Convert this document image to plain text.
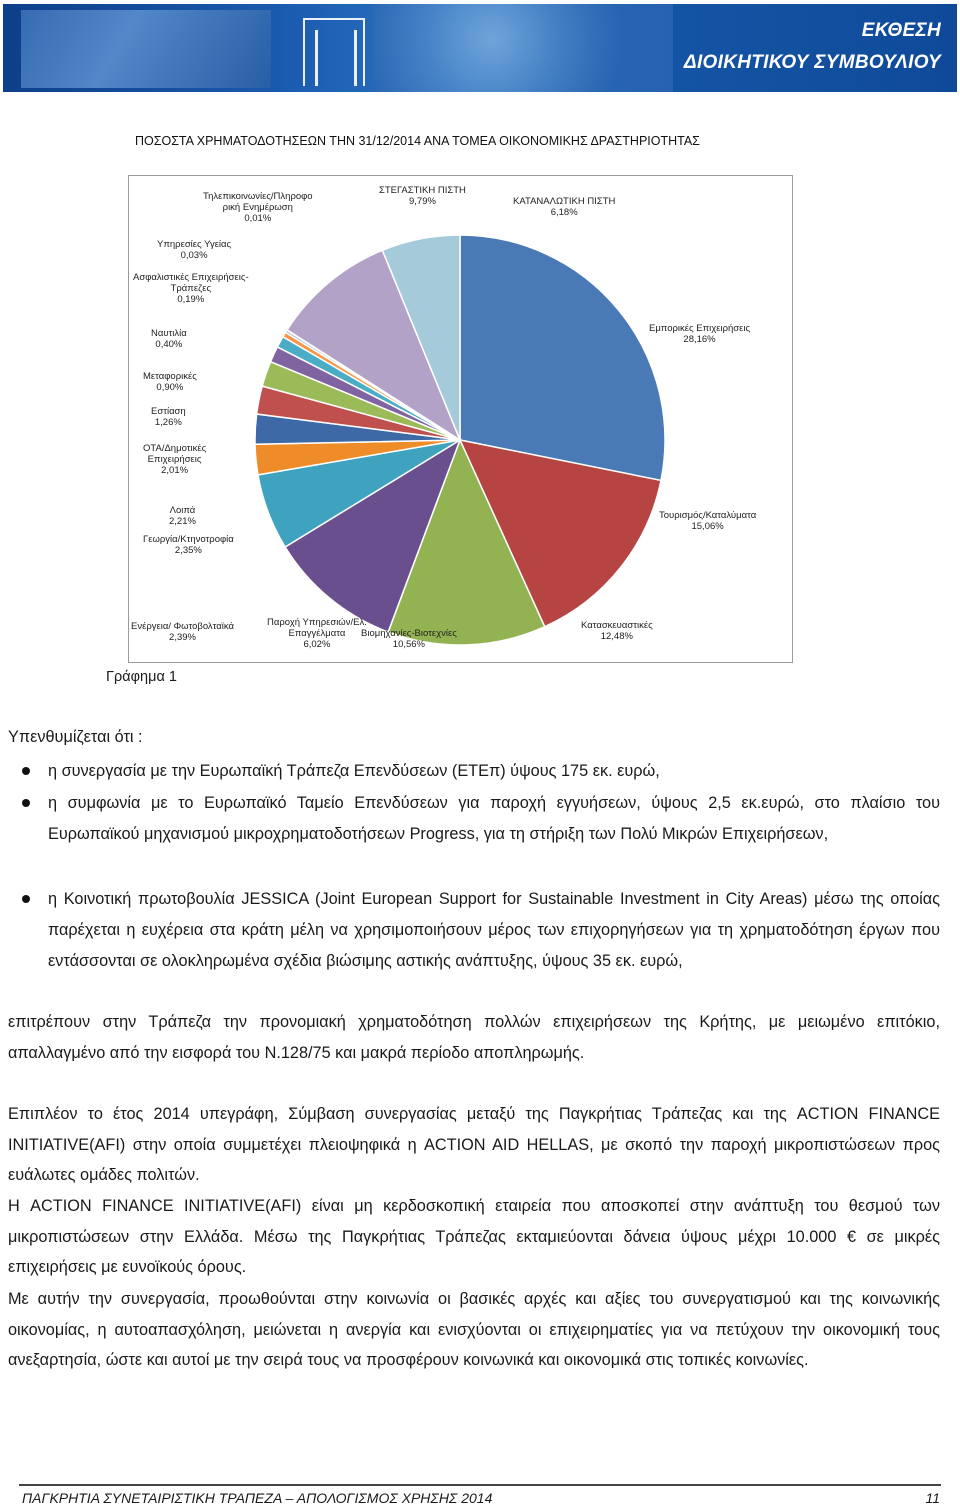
ΕΚΘΕΣΗ
ΔΙΟΙΚΗΤΙΚΟΥ ΣΥΜΒΟΥΛΙΟΥ
ΠΟΣΟΣΤΑ ΧΡΗΜΑΤΟΔΟΤΗΣΕΩΝ ΤΗΝ 31/12/2014 ΑΝΑ ΤΟΜΕΑ ΟΙΚΟΝΟΜΙΚΗΣ ΔΡΑΣΤΗΡΙΟΤΗΤΑΣ
Εμπορικές Επιχειρήσεις
28,16%
Τουρισμός/Καταλύματα
15,06%
Κατασκευαστικές
12,48%
Βιομηχανίες-Βιοτεχνίες
10,56%
Παροχή Υπηρεσιών/Ελ.
Επαγγέλματα
6,02%
Ενέργεια/ Φωτοβολταϊκά
2,39%
Γεωργία/Κτηνοτροφία
2,35%
Λοιπά
2,21%
ΟΤΑ/Δημοτικές
Επιχειρήσεις
2,01%
Εστίαση
1,26%
Μεταφορικές
0,90%
Ναυτιλία
0,40%
Ασφαλιστικές Επιχειρήσεις-
Τράπεζες
0,19%
Υπηρεσίες Υγείας
0,03%
Τηλεπικοινωνίες/Πληροφο
ρική Ενημέρωση
0,01%
ΣΤΕΓΑΣΤΙΚΗ ΠΙΣΤΗ
9,79%	ΚΑΤΑΝΑΛΩΤΙΚΗ ΠΙΣΤΗ
6,18%
Γράφημα 1
Υπενθυμίζεται ότι :
η συνεργασία με την Ευρωπαϊκή Τράπεζα Επενδύσεων (ΕΤΕπ) ύψους 175 εκ. ευρώ,
η συμφωνία με το Ευρωπαϊκό Ταμείο Επενδύσεων για παροχή εγγυήσεων, ύψους 2,5 εκ.ευρώ, στο πλαίσιο του Ευρωπαϊκού μηχανισμού μικροχρηματοδοτήσεων Progress, για τη στήριξη των Πολύ Μικρών Επιχειρήσεων,
η Κοινοτική πρωτοβουλία JESSICA (Joint European Support for Sustainable Investment in City Areas) μέσω της οποίας παρέχεται η ευχέρεια στα κράτη μέλη να χρησιμοποιήσουν μέρος των επιχορηγήσεων για τη χρηματοδότηση έργων που εντάσσονται σε ολοκληρωμένα σχέδια βιώσιμης αστικής ανάπτυξης, ύψους 35 εκ. ευρώ,
επιτρέπουν στην Τράπεζα την προνομιακή χρηματοδότηση πολλών επιχειρήσεων της Κρήτης, με μειωμένο επιτόκιο, απαλλαγμένο από την εισφορά του Ν.128/75 και μακρά περίοδο αποπληρωμής.
Επιπλέον το έτος 2014 υπεγράφη, Σύμβαση συνεργασίας μεταξύ της Παγκρήτιας Τράπεζας και της ACTION FINANCE INITIATIVE(AFI) στην οποία συμμετέχει πλειοψηφικά η ACTION AID HELLAS, με σκοπό την παροχή μικροπιστώσεων προς ευάλωτες ομάδες πολιτών.
Η ACTION FINANCE INITIATIVE(AFI) είναι μη κερδοσκοπική εταιρεία που αποσκοπεί στην ανάπτυξη του θεσμού των μικροπιστώσεων στην Ελλάδα. Μέσω της Παγκρήτιας Τράπεζας εκταμιεύονται δάνεια ύψους μέχρι 10.000 € σε μικρές επιχειρήσεις με ευνοϊκούς όρους.
Με αυτήν την συνεργασία, προωθούνται στην κοινωνία οι βασικές αρχές και αξίες του συνεργατισμού και της κοινωνικής οικονομίας, η αυτοαπασχόληση, μειώνεται η ανεργία και ενισχύονται οι επιχειρηματίες για να πετύχουν την οικονομική τους ανεξαρτησία, ώστε και αυτοί με την σειρά τους να προσφέρουν κοινωνικά και οικονομικά στις τοπικές κοινωνίες.
ΠΑΓΚΡΗΤΙΑ ΣΥΝΕΤΑΙΡΙΣΤΙΚΗ ΤΡΑΠΕΖΑ – ΑΠΟΛΟΓΙΣΜΟΣ ΧΡΗΣΗΣ 2014	11
